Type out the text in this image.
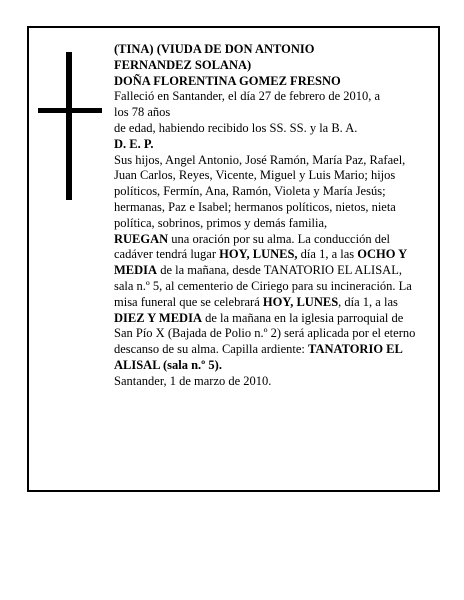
(TINA) (VIUDA DE DON ANTONIO

FERNANDEZ SOLANA)

DOÑA FLORENTINA GOMEZ FRESNO

Falleció en Santander, el día 27 de febrero de 2010, a

los 78 años

de edad, habiendo recibido los SS. SS. y la B. A.

D. E. P.

Sus hijos, Angel Antonio, José Ramón, María Paz, Rafael, Juan Carlos, Reyes, Vicente, Miguel y Luis Mario; hijos políticos, Fermín, Ana, Ramón, Violeta y María Jesús; hermanas, Paz e Isabel; hermanos políticos, nietos, nieta política, sobrinos, primos y demás familia,

RUEGAN una oración por su alma. La conducción del cadáver tendrá lugar HOY, LUNES, día 1, a las OCHO Y MEDIA de la mañana, desde TANATORIO EL ALISAL, sala n.º 5, al cementerio de Ciriego para su incineración. La misa funeral que se celebrará HOY, LUNES, día 1, a las DIEZ Y MEDIA de la mañana en la iglesia parroquial de San Pío X (Bajada de Polio n.º 2) será aplicada por el eterno descanso de su alma. Capilla ardiente: TANATORIO EL ALISAL (sala n.º 5).

Santander, 1 de marzo de 2010.
